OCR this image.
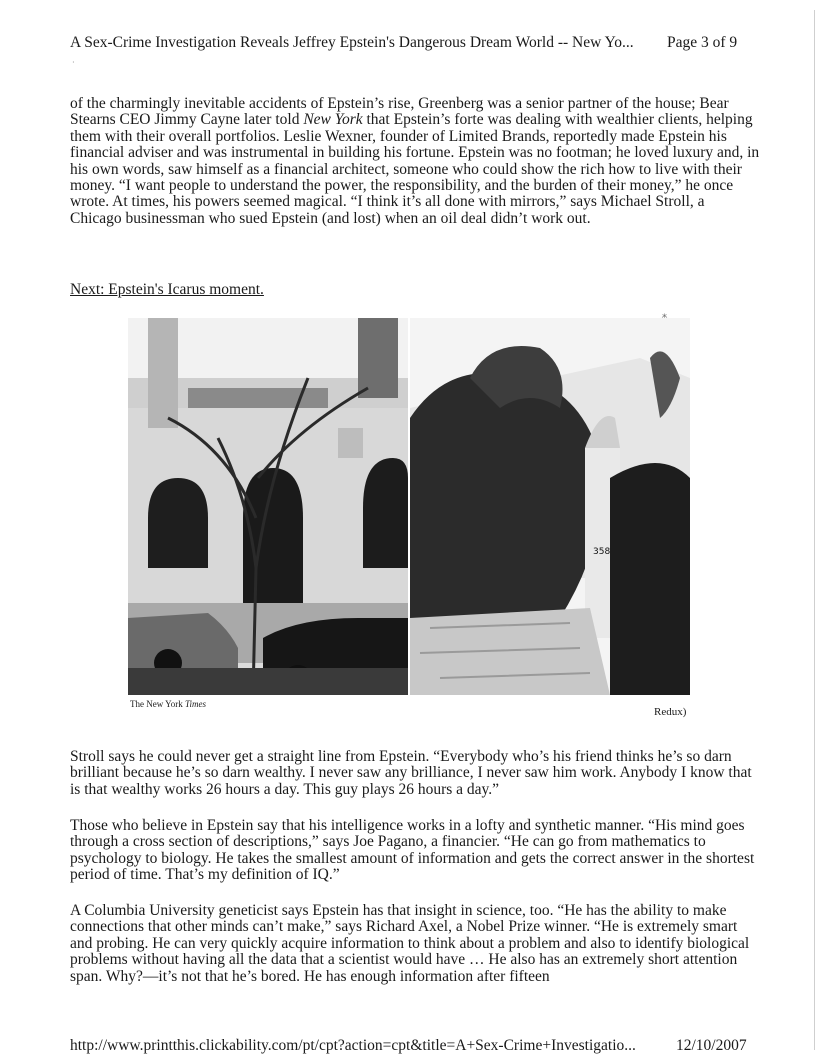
A Sex-Crime Investigation Reveals Jeffrey Epstein's Dangerous Dream World -- New Yo... Page 3 of 9
·

of the charmingly inevitable accidents of Epstein’s rise, Greenberg was a senior partner of the house; Bear Stearns CEO Jimmy Cayne later told New York that Epstein’s forte was dealing with wealthier clients, helping them with their overall portfolios. Leslie Wexner, founder of Limited Brands, reportedly made Epstein his financial adviser and was instrumental in building his fortune. Epstein was no footman; he loved luxury and, in his own words, saw himself as a financial architect, someone who could show the rich how to live with their money. “I want people to understand the power, the responsibility, and the burden of their money,” he once wrote. At times, his powers seemed magical. “I think it’s all done with mirrors,” says Michael Stroll, a Chicago businessman who sued Epstein (and lost) when an oil deal didn’t work out.

Next: Epstein's Icarus moment.
358
The New York Times
Redux)

Stroll says he could never get a straight line from Epstein. “Everybody who’s his friend thinks he’s so darn brilliant because he’s so darn wealthy. I never saw any brilliance, I never saw him work. Anybody I know that is that wealthy works 26 hours a day. This guy plays 26 hours a day.”

Those who believe in Epstein say that his intelligence works in a lofty and synthetic manner. “His mind goes through a cross section of descriptions,” says Joe Pagano, a financier. “He can go from mathematics to psychology to biology. He takes the smallest amount of information and gets the correct answer in the shortest period of time. That’s my definition of IQ.”

A Columbia University geneticist says Epstein has that insight in science, too. “He has the ability to make connections that other minds can’t make,” says Richard Axel, a Nobel Prize winner. “He is extremely smart and probing. He can very quickly acquire information to think about a problem and also to identify biological problems without having all the data that a scientist would have … He also has an extremely short attention span. Why?—it’s not that he’s bored. He has enough information after fifteen

http://www.printthis.clickability.com/pt/cpt?action=cpt&title=A+Sex-Crime+Investigatio...	12/10/2007
